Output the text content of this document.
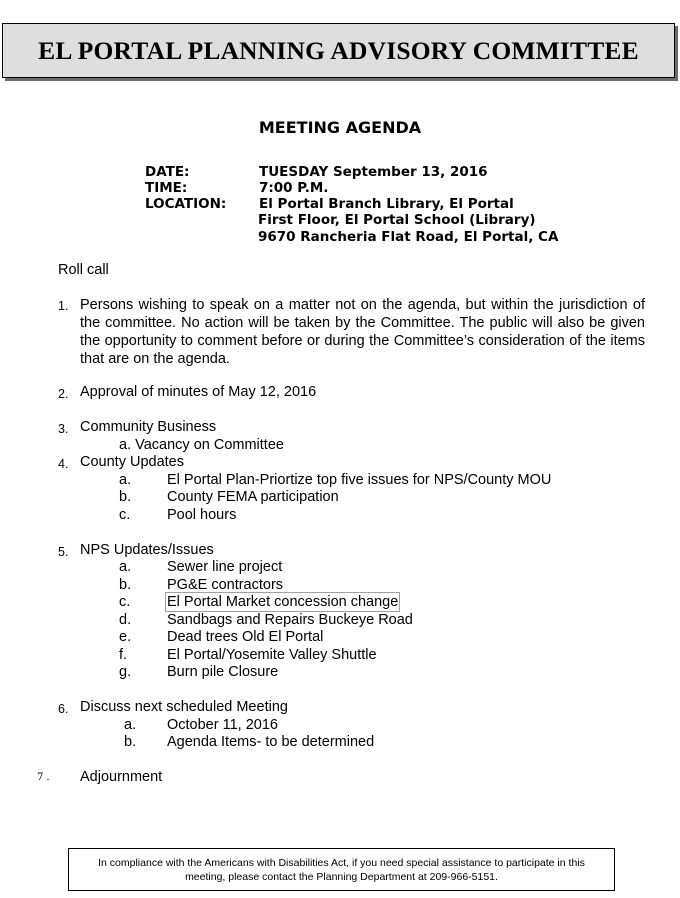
EL PORTAL PLANNING ADVISORY COMMITTEE
MEETING AGENDA
DATE:	TUESDAY September 13, 2016
TIME:	7:00 P.M.
LOCATION: El Portal Branch Library, El Portal
First Floor, El Portal School (Library)
9670 Rancheria Flat Road, El Portal, CA
Roll call
1. Persons wishing to speak on a matter not on the agenda, but within the jurisdiction of the committee. No action will be taken by the Committee. The public will also be given the opportunity to comment before or during the Committee’s consideration of the items that are on the agenda.
2. Approval of minutes of May 12, 2016
3. Community Business
a. Vacancy on Committee
4. County Updates
a. El Portal Plan-Priortize top five issues for NPS/County MOU
b. County FEMA participation
c.	Pool hours
5. NPS Updates/Issues
a. Sewer line project
b. PG&E contractors
c.	El Portal Market concession change
d. Sandbags and Repairs Buckeye Road
e. Dead trees Old El Portal
f.	El Portal/Yosemite Valley Shuttle
g. Burn pile Closure
6. Discuss next scheduled Meeting
a. October 11, 2016
b. Agenda Items- to be determined
7. Adjournment
In compliance with the Americans with Disabilities Act, if you need special assistance to participate in this
meeting, please contact the Planning Department at 209-966-5151.
